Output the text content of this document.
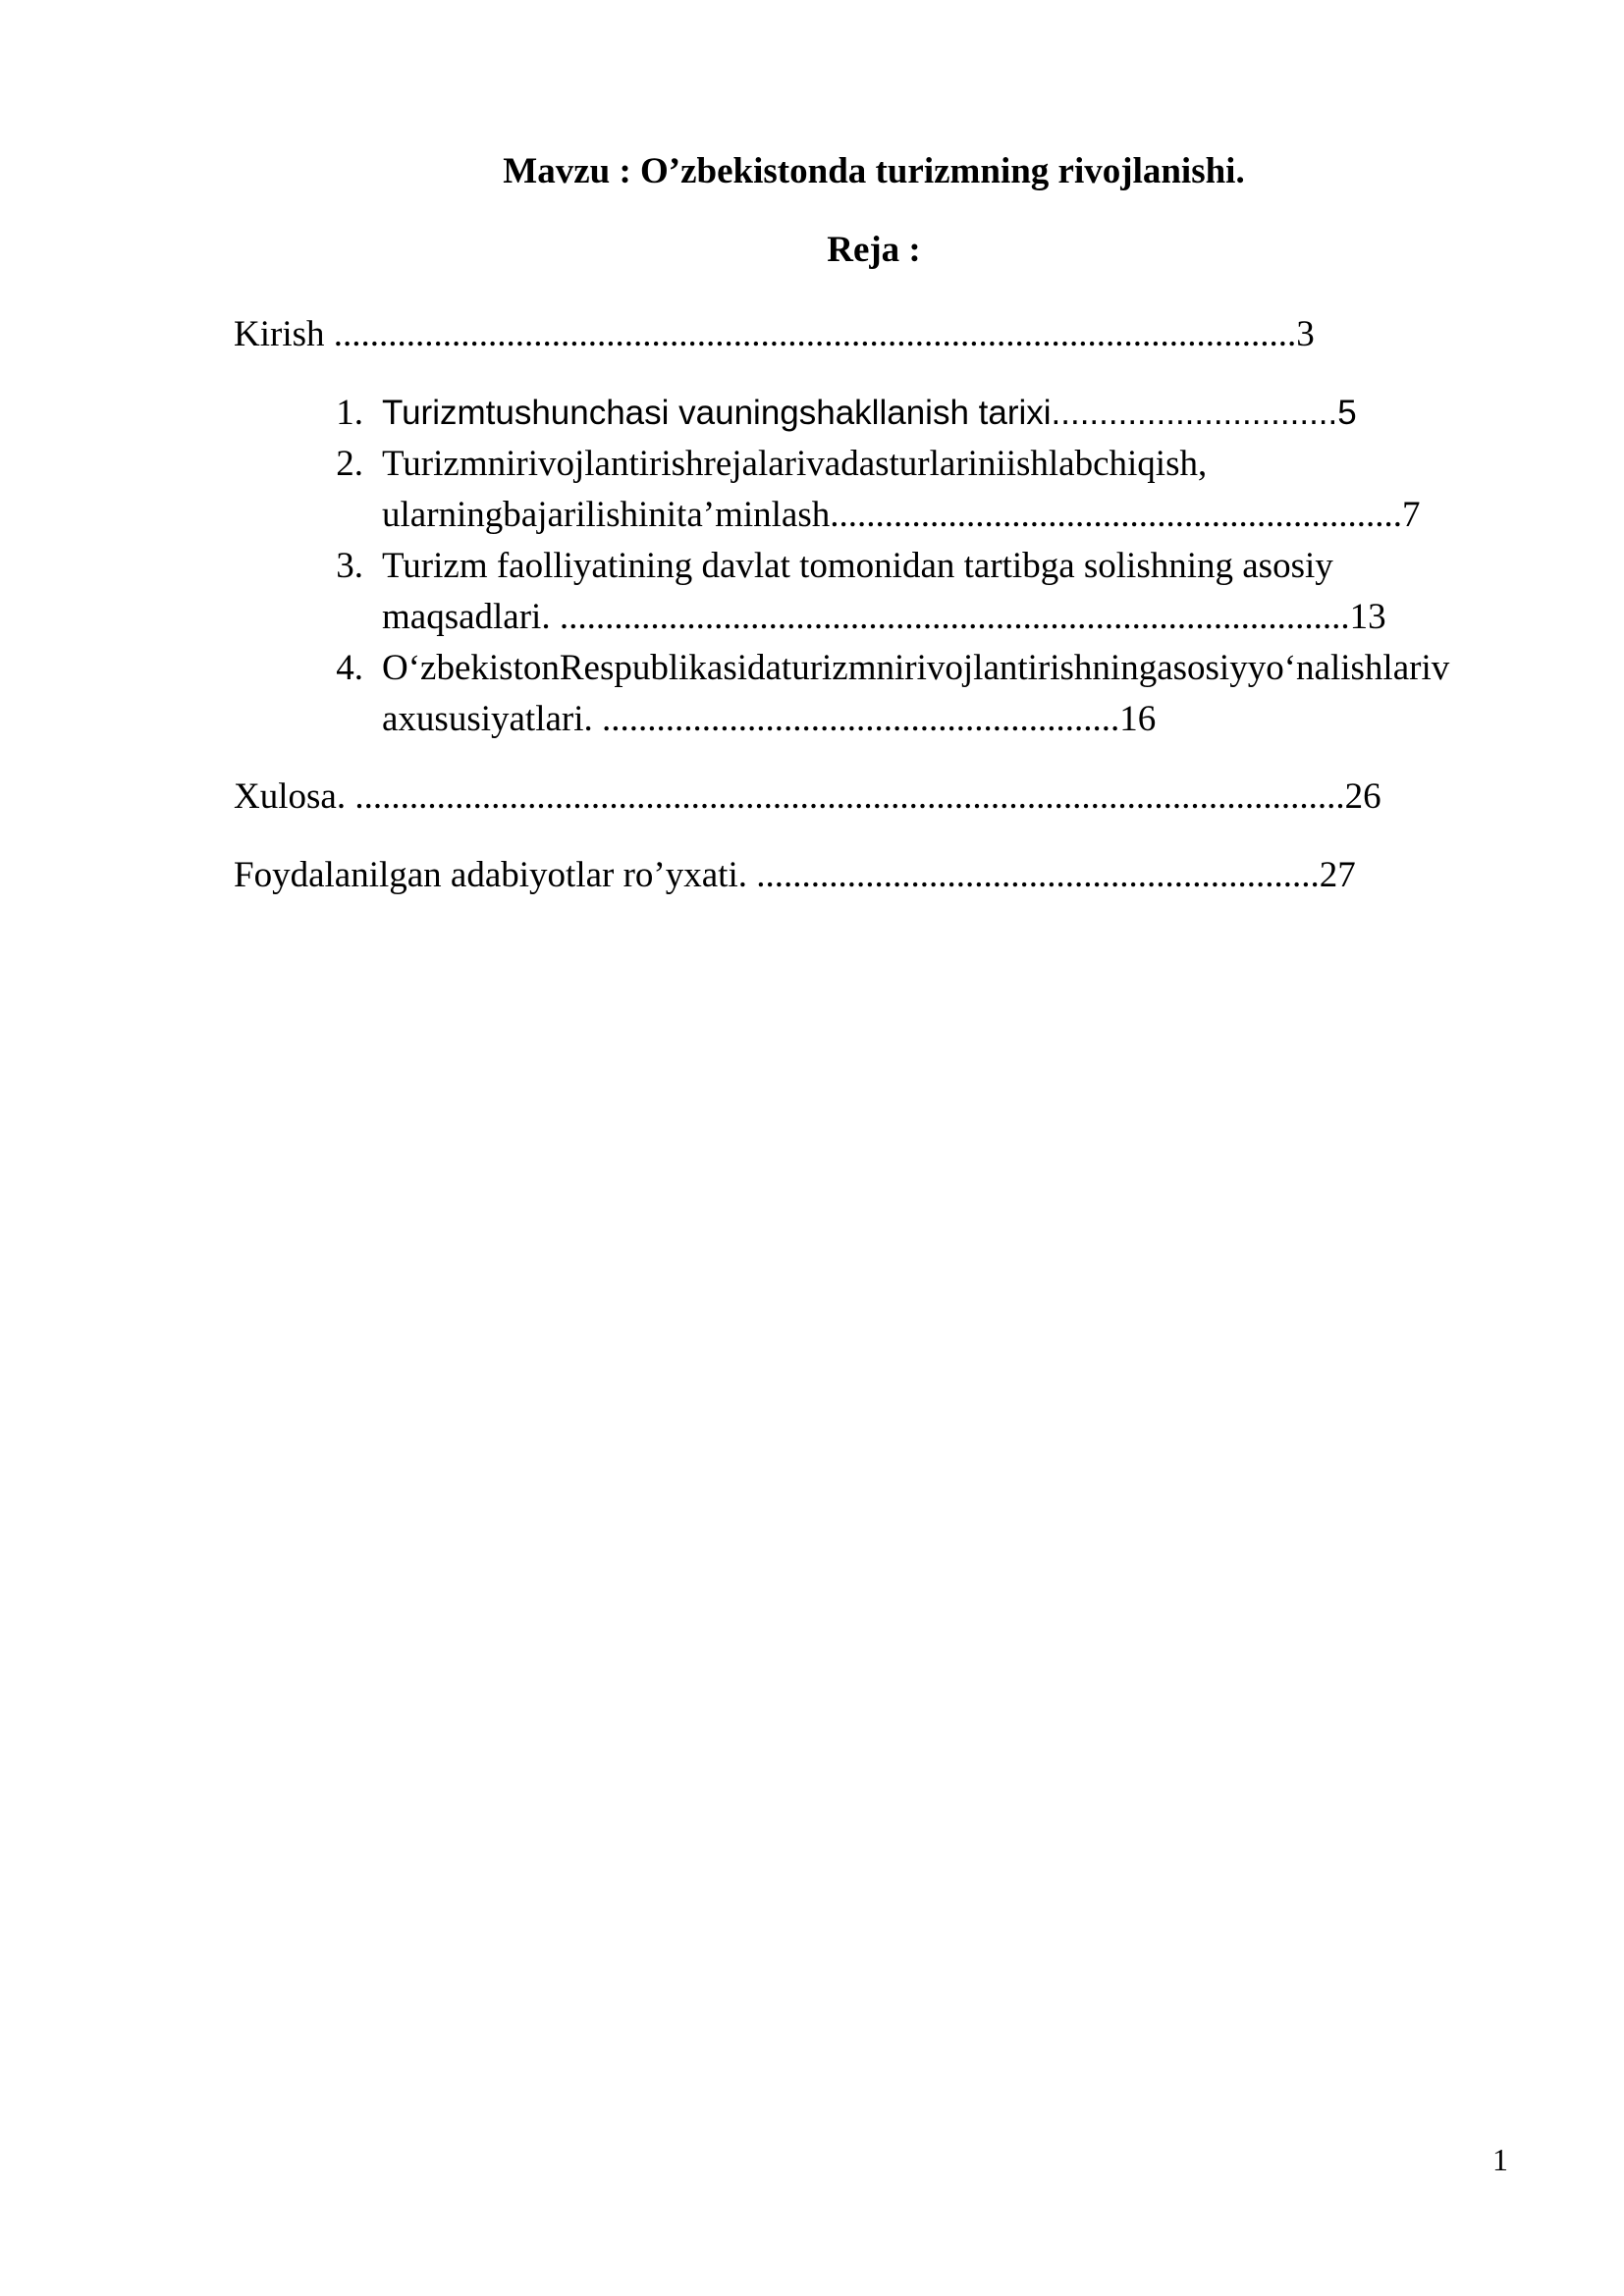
Mavzu : O’zbekistonda turizmning rivojlanishi.
Reja :
Kirish ..........................................................................................................3
1. Turizmtushunchasi vauningshakllanish tarixi..............................5
2. Turizmnirivojlantirishrejalarivadasturlariniishlabchiqish,
ularningbajarilishinita’minlash...............................................................7
3. Turizm faolliyatining davlat tomonidan tartibga solishning asosiy
maqsadlari. .......................................................................................13
4. O‘zbekistonRespublikasidaturizmnirivojlantirishningasosiyyo‘nalishlariv
axususiyatlari. .........................................................16
Xulosa. .............................................................................................................26
Foydalanilgan adabiyotlar ro’yxati. ..............................................................27
1
